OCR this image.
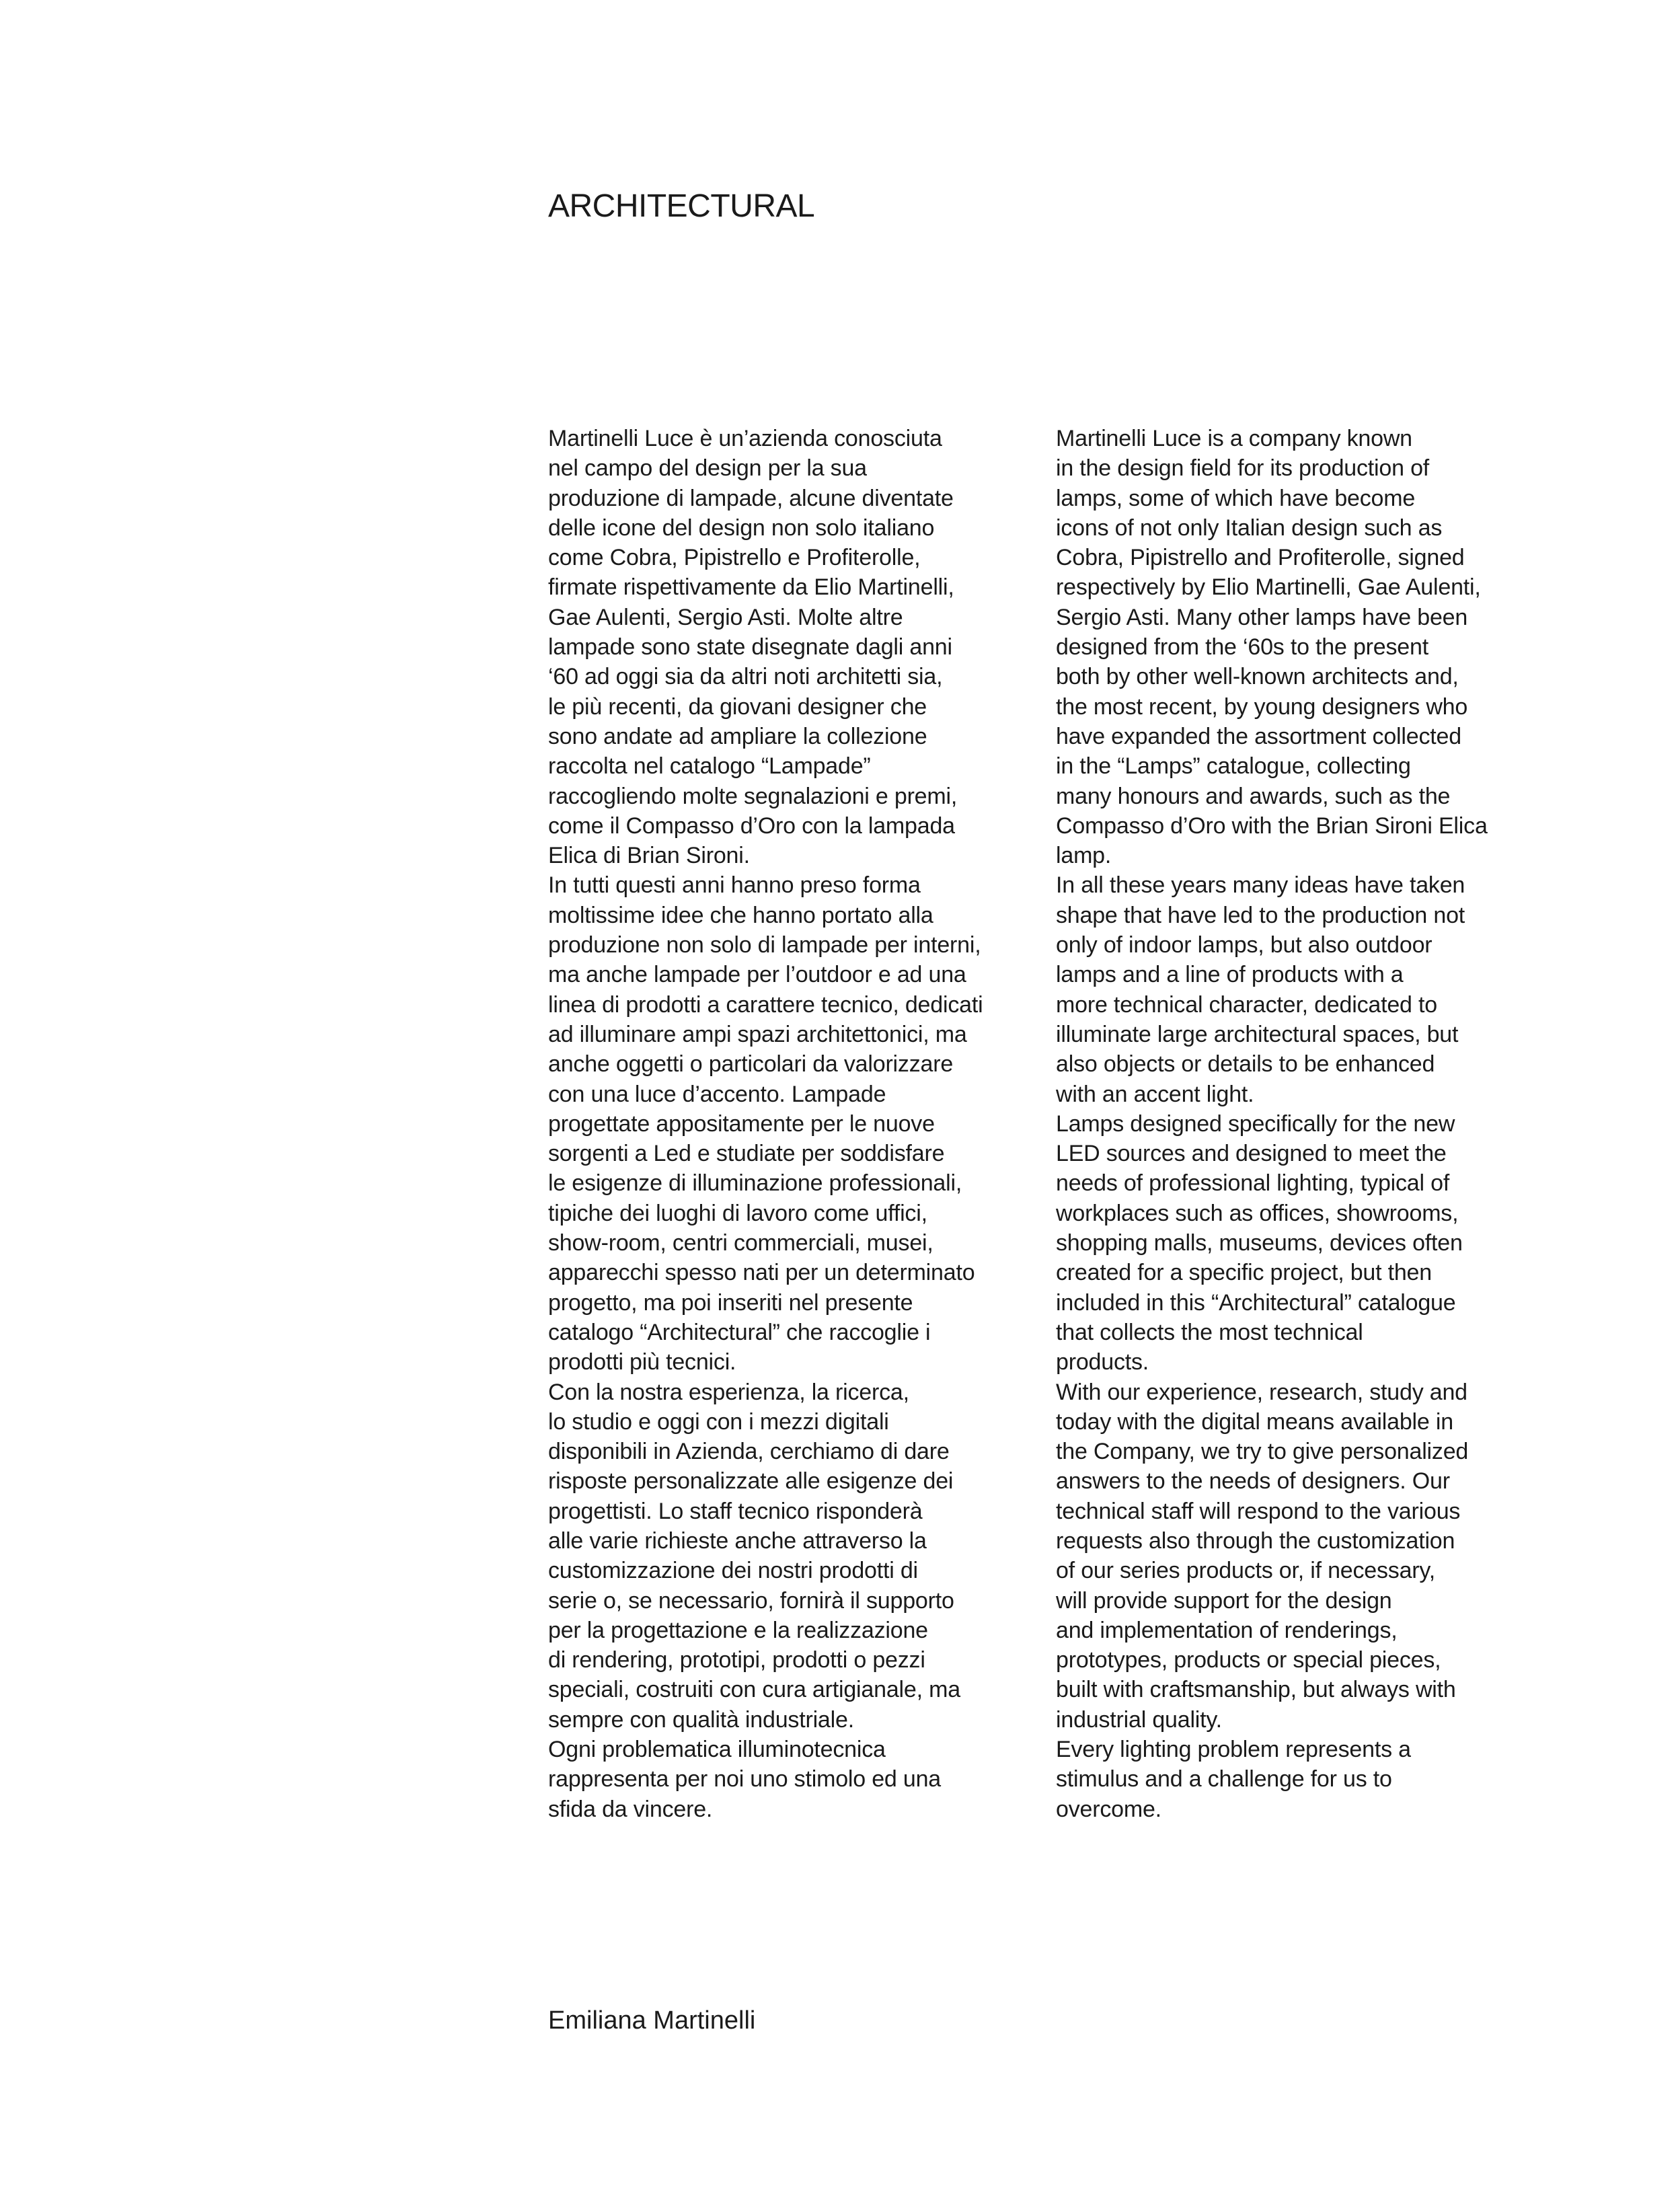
ARCHITECTURAL
Martinelli Luce è un’azienda conosciuta
nel campo del design per la sua
produzione di lampade, alcune diventate
delle icone del design non solo italiano
come Cobra, Pipistrello e Profiterolle,
firmate rispettivamente da Elio Martinelli,
Gae Aulenti, Sergio Asti. Molte altre
lampade sono state disegnate dagli anni
‘60 ad oggi sia da altri noti architetti sia,
le più recenti, da giovani designer che
sono andate ad ampliare la collezione
raccolta nel catalogo “Lampade”
raccogliendo molte segnalazioni e premi,
come il Compasso d’Oro con la lampada
Elica di Brian Sironi.
In tutti questi anni hanno preso forma
moltissime idee che hanno portato alla
produzione non solo di lampade per interni,
ma anche lampade per l’outdoor e ad una
linea di prodotti a carattere tecnico, dedicati
ad illuminare ampi spazi architettonici, ma
anche oggetti o particolari da valorizzare
con una luce d’accento. Lampade
progettate appositamente per le nuove
sorgenti a Led e studiate per soddisfare
le esigenze di illuminazione professionali,
tipiche dei luoghi di lavoro come uffici,
show-room, centri commerciali, musei,
apparecchi spesso nati per un determinato
progetto, ma poi inseriti nel presente
catalogo “Architectural” che raccoglie i
prodotti più tecnici.
Con la nostra esperienza, la ricerca,
lo studio e oggi con i mezzi digitali
disponibili in Azienda, cerchiamo di dare
risposte personalizzate alle esigenze dei
progettisti. Lo staff tecnico risponderà
alle varie richieste anche attraverso la
customizzazione dei nostri prodotti di
serie o, se necessario, fornirà il supporto
per la progettazione e la realizzazione
di rendering, prototipi, prodotti o pezzi
speciali, costruiti con cura artigianale, ma
sempre con qualità industriale.
Ogni problematica illuminotecnica
rappresenta per noi uno stimolo ed una
sfida da vincere.
Martinelli Luce is a company known
in the design field for its production of
lamps, some of which have become
icons of not only Italian design such as
Cobra, Pipistrello and Profiterolle, signed
respectively by Elio Martinelli, Gae Aulenti,
Sergio Asti. Many other lamps have been
designed from the ‘60s to the present
both by other well-known architects and,
the most recent, by young designers who
have expanded the assortment collected
in the “Lamps” catalogue, collecting
many honours and awards, such as the
Compasso d’Oro with the Brian Sironi Elica
lamp.
In all these years many ideas have taken
shape that have led to the production not
only of indoor lamps, but also outdoor
lamps and a line of products with a
more technical character, dedicated to
illuminate large architectural spaces, but
also objects or details to be enhanced
with an accent light.
Lamps designed specifically for the new
LED sources and designed to meet the
needs of professional lighting, typical of
workplaces such as offices, showrooms,
shopping malls, museums, devices often
created for a specific project, but then
included in this “Architectural” catalogue
that collects the most technical
products.
With our experience, research, study and
today with the digital means available in
the Company, we try to give personalized
answers to the needs of designers. Our
technical staff will respond to the various
requests also through the customization
of our series products or, if necessary,
will provide support for the design
and implementation of renderings,
prototypes, products or special pieces,
built with craftsmanship, but always with
industrial quality.
Every lighting problem represents a
stimulus and a challenge for us to
overcome.
Emiliana Martinelli
